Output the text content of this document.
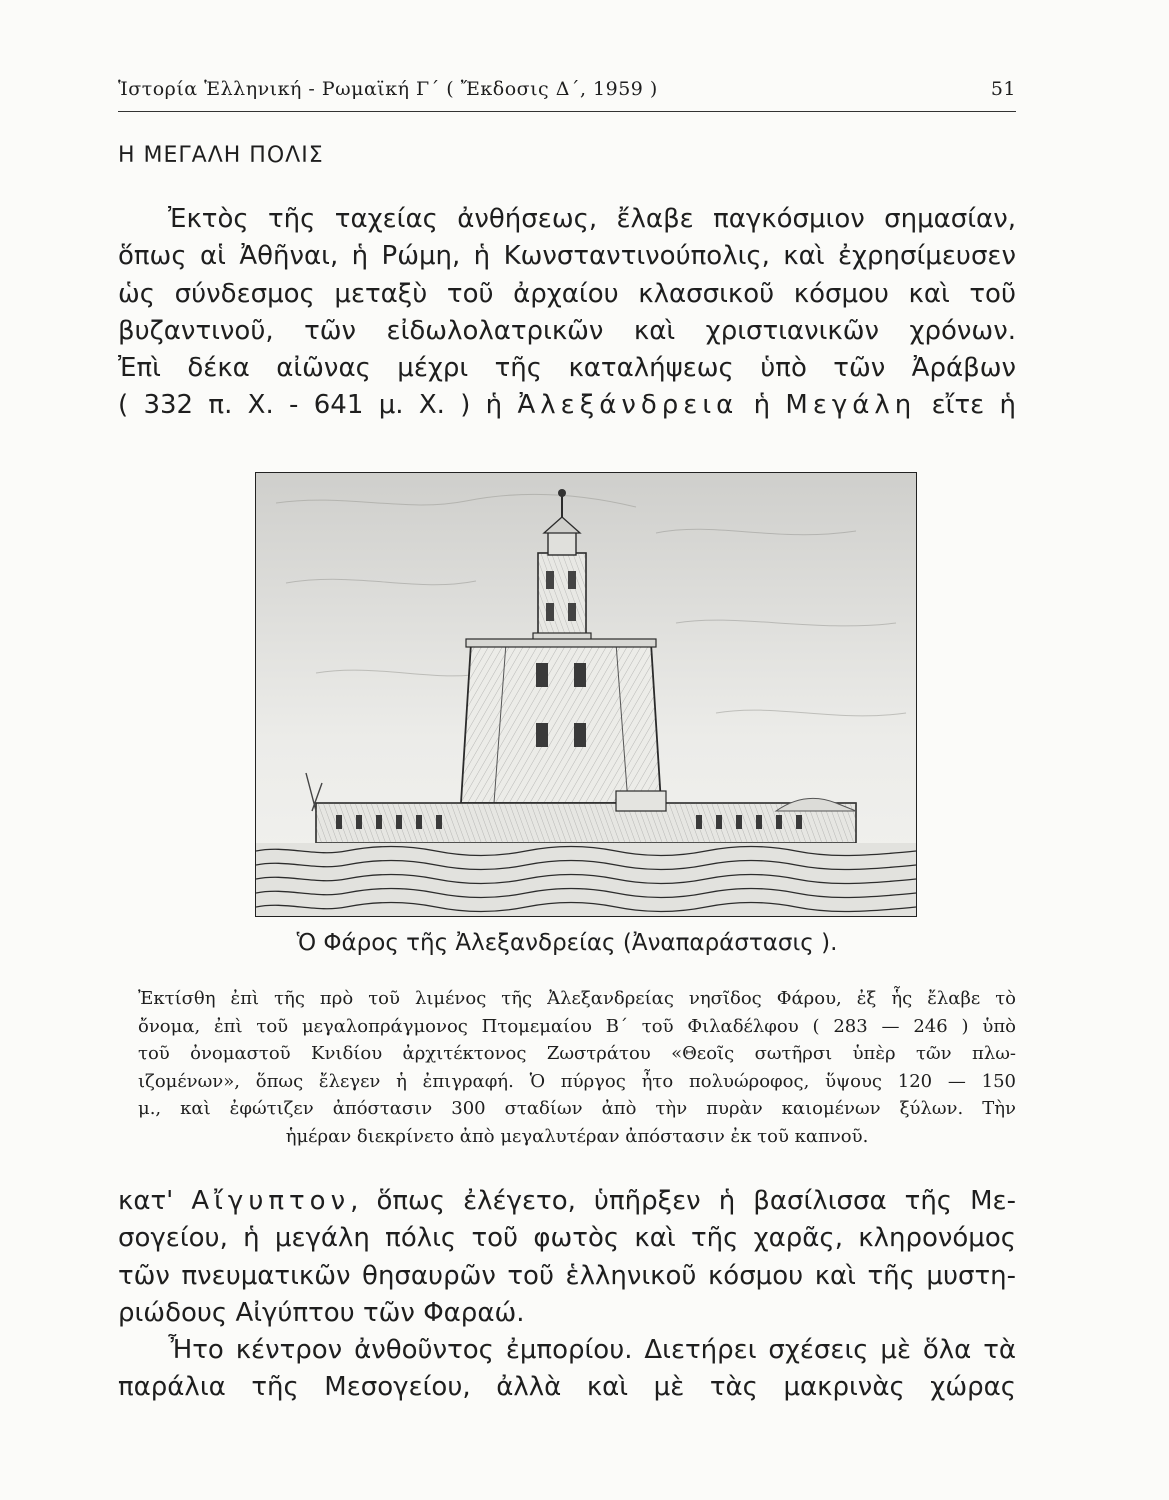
Ἱστορία Ἑλληνική - Ρωμαϊκή Γ΄ ( Ἔκδοσις Δ΄, 1959 )	51
Η ΜΕΓΑΛΗ ΠΟΛΙΣ

Ἐκτὸς τῆς ταχείας ἀνθήσεως, ἔλαβε παγκόσμιον σημασίαν,
ὅπως αἱ Ἀθῆναι, ἡ Ρώμη, ἡ Κωνσταντινούπολις, καὶ ἐχρησίμευσεν
ὡς σύνδεσμος μεταξὺ τοῦ ἀρχαίου κλασσικοῦ κόσμου καὶ τοῦ
βυζαντινοῦ, τῶν εἰδωλολατρικῶν καὶ χριστιανικῶν χρόνων.
Ἐπὶ δέκα αἰῶνας μέχρι τῆς καταλήψεως ὑπὸ τῶν Ἀράβων
( 332 π. Χ. - 641 μ. Χ. ) ἡ Ἀλεξάνδρεια ἡ Μεγάλη εἴτε ἡ

Ὁ Φάρος τῆς Ἀλεξανδρείας (Ἀναπαράστασις ).

Ἐκτίσθη ἐπὶ τῆς πρὸ τοῦ λιμένος τῆς Ἀλεξανδρείας νησῖδος Φάρου, ἐξ ἧς ἔλαβε τὸ
ὄνομα, ἐπὶ τοῦ μεγαλοπράγμονος Πτομεμαίου Β΄ τοῦ Φιλαδέλφου ( 283 — 246 ) ὑπὸ
τοῦ ὀνομαστοῦ Κνιδίου ἀρχιτέκτονος Ζωστράτου «Θεοῖς σωτῆρσι ὑπὲρ τῶν πλω-
ιζομένων», ὅπως ἔλεγεν ἡ ἐπιγραφή. Ὁ πύργος ἦτο πολυώροφος, ὕψους 120 — 150
μ., καὶ ἐφώτιζεν ἀπόστασιν 300 σταδίων ἀπὸ τὴν πυρὰν καιομένων ξύλων. Τὴν
ἡμέραν διεκρίνετο ἀπὸ μεγαλυτέραν ἀπόστασιν ἐκ τοῦ καπνοῦ.

κατ' Αἴγυπτον, ὅπως ἐλέγετο, ὑπῆρξεν ἡ βασίλισσα τῆς Με-
σογείου, ἡ μεγάλη πόλις τοῦ φωτὸς καὶ τῆς χαρᾶς, κληρονόμος
τῶν πνευματικῶν θησαυρῶν τοῦ ἑλληνικοῦ κόσμου καὶ τῆς μυστη-
ριώδους Αἰγύπτου τῶν Φαραώ.
Ἦτο κέντρον ἀνθοῦντος ἐμπορίου. Διετήρει σχέσεις μὲ ὅλα τὰ
παράλια τῆς Μεσογείου, ἀλλὰ καὶ μὲ τὰς μακρινὰς χώρας
